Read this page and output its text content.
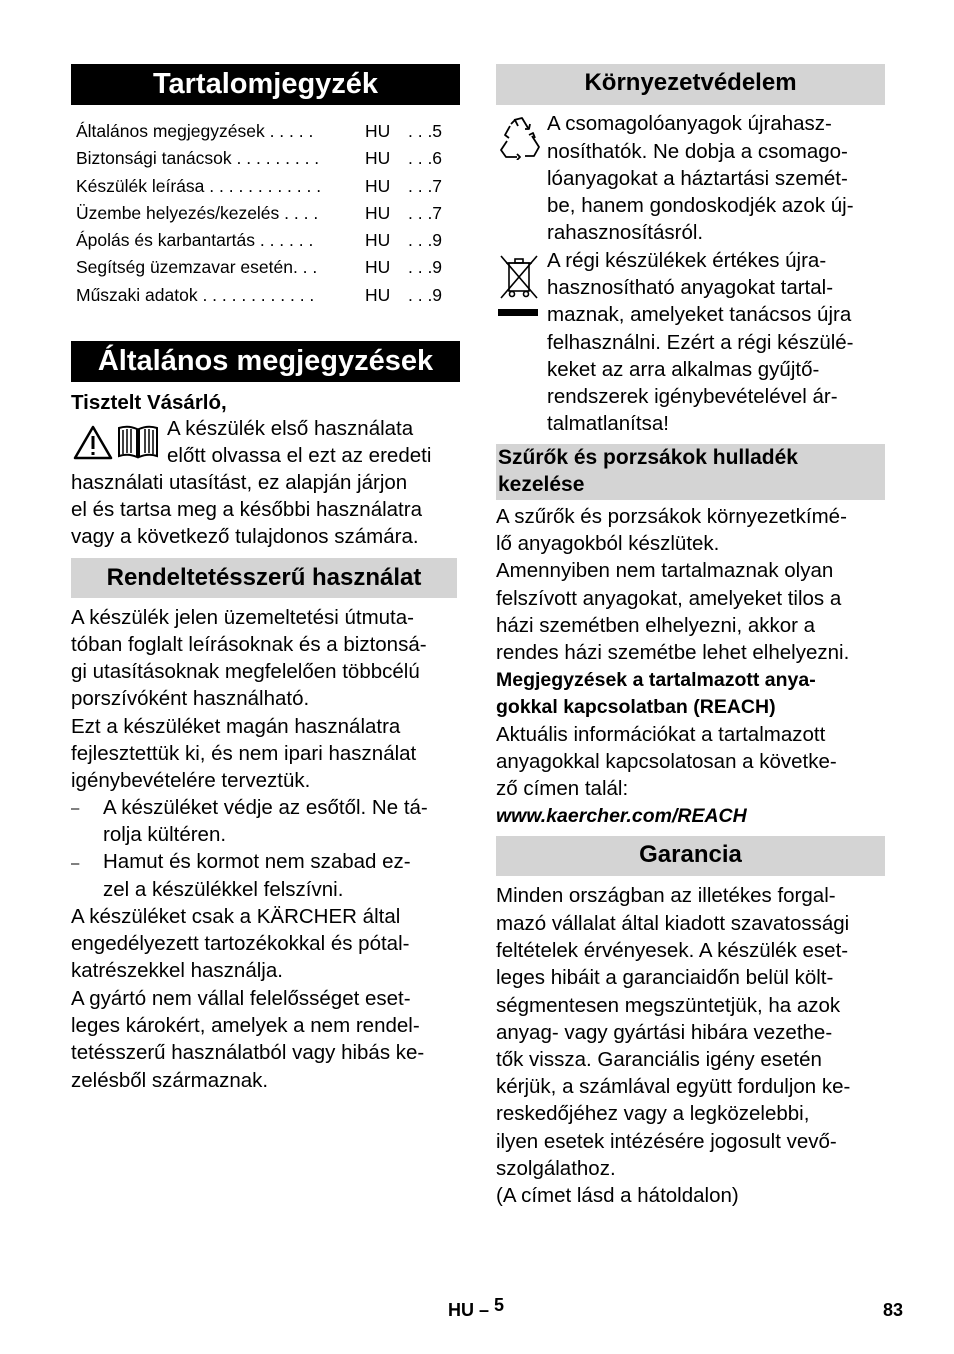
Tartalomjegyzék
Általános megjegyzések . . . . .	HU . . .5
Biztonsági tanácsok . . . . . . . . .	HU . . .6
Készülék leírása . . . . . . . . . . . .	HU . . .7
Üzembe helyezés/kezelés . . . .	HU . . .7
Ápolás és karbantartás . . . . . .	HU . . .9
Segítség üzemzavar esetén. . .	HU . . .9
Műszaki adatok . . . . . . . . . . . .	HU . . .9
Általános megjegyzések
Tisztelt Vásárló,
A készülék első használata
előtt olvassa el ezt az eredeti
használati utasítást, ez alapján járjon
el és tartsa meg a későbbi használatra
vagy a következő tulajdonos számára.
Rendeltetésszerű használat
A készülék jelen üzemeltetési útmuta-
tóban foglalt leírásoknak és a biztonsá-
gi utasításoknak megfelelően többcélú
porszívóként használható.
Ezt a készüléket magán használatra
fejlesztettük ki, és nem ipari használat
igénybevételére terveztük.
– A készüléket védje az esőtől. Ne tá-
rolja kültéren.
– Hamut és kormot nem szabad ez-
zel a készülékkel felszívni.
A készüléket csak a KÄRCHER által
engedélyezett tartozékokkal és pótal-
katrészekkel használja.
A gyártó nem vállal felelősséget eset-
leges károkért, amelyek a nem rendel-
tetésszerű használatból vagy hibás ke-
zelésből származnak.
Környezetvédelem
A csomagolóanyagok újrahasz-
nosíthatók. Ne dobja a csomago-
lóanyagokat a háztartási szemét-
be, hanem gondoskodjék azok új-
rahasznosításról.
A régi készülékek értékes újra-
hasznosítható anyagokat tartal-
maznak, amelyeket tanácsos újra
felhasználni. Ezért a régi készülé-
keket az arra alkalmas gyűjtő-
rendszerek igénybevételével ár-
talmatlanítsa!
Szűrők és porzsákok hulladék
kezelése
A szűrők és porzsákok környezetkímé-
lő anyagokból készlütek.
Amennyiben nem tartalmaznak olyan
felszívott anyagokat, amelyeket tilos a
házi szemétben elhelyezni, akkor a
rendes házi szemétbe lehet elhelyezni.
Megjegyzések a tartalmazott anya-
gokkal kapcsolatban (REACH)
Aktuális információkat a tartalmazott
anyagokkal kapcsolatosan a követke-
ző címen talál:
www.kaercher.com/REACH
Garancia
Minden országban az illetékes forgal-
mazó vállalat által kiadott szavatossági
feltételek érvényesek. A készülék eset-
leges hibáit a garanciaidőn belül költ-
ségmentesen megszüntetjük, ha azok
anyag- vagy gyártási hibára vezethe-
tők vissza. Garanciális igény esetén
kérjük, a számlával együtt forduljon ke-
reskedőjéhez vagy a legközelebbi,
ilyen esetek intézésére jogosult vevő-
szolgálathoz.
(A címet lásd a hátoldalon)
HU – 5	83
